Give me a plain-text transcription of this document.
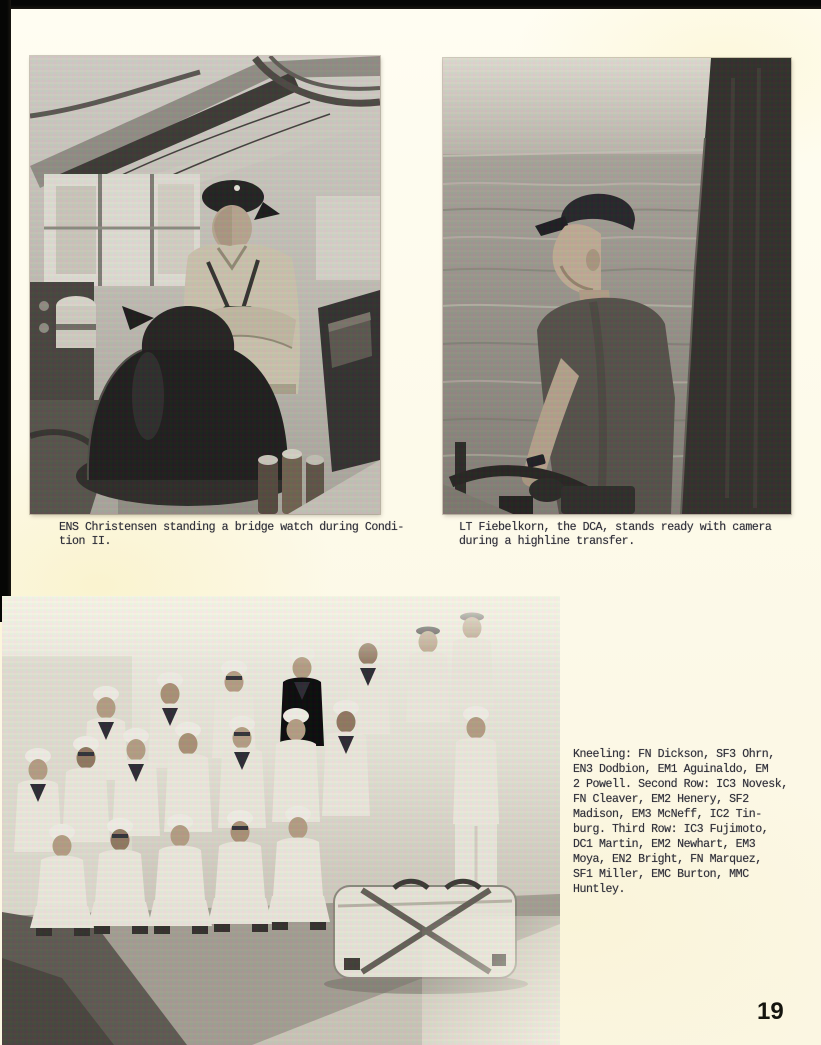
ENS Christensen standing a bridge watch during Condi-
tion II.
LT Fiebelkorn, the DCA, stands ready with camera
during a highline transfer.
Kneeling: FN Dickson, SF3 Ohrn,
EN3 Dodbion, EM1 Aguinaldo, EM
2 Powell. Second Row: IC3 Novesk,
FN Cleaver, EM2 Henery, SF2
Madison, EM3 McNeff, IC2 Tin-
burg. Third Row: IC3 Fujimoto,
DC1 Martin, EM2 Newhart, EM3
Moya, EN2 Bright, FN Marquez,
SF1 Miller, EMC Burton, MMC
Huntley.
19
